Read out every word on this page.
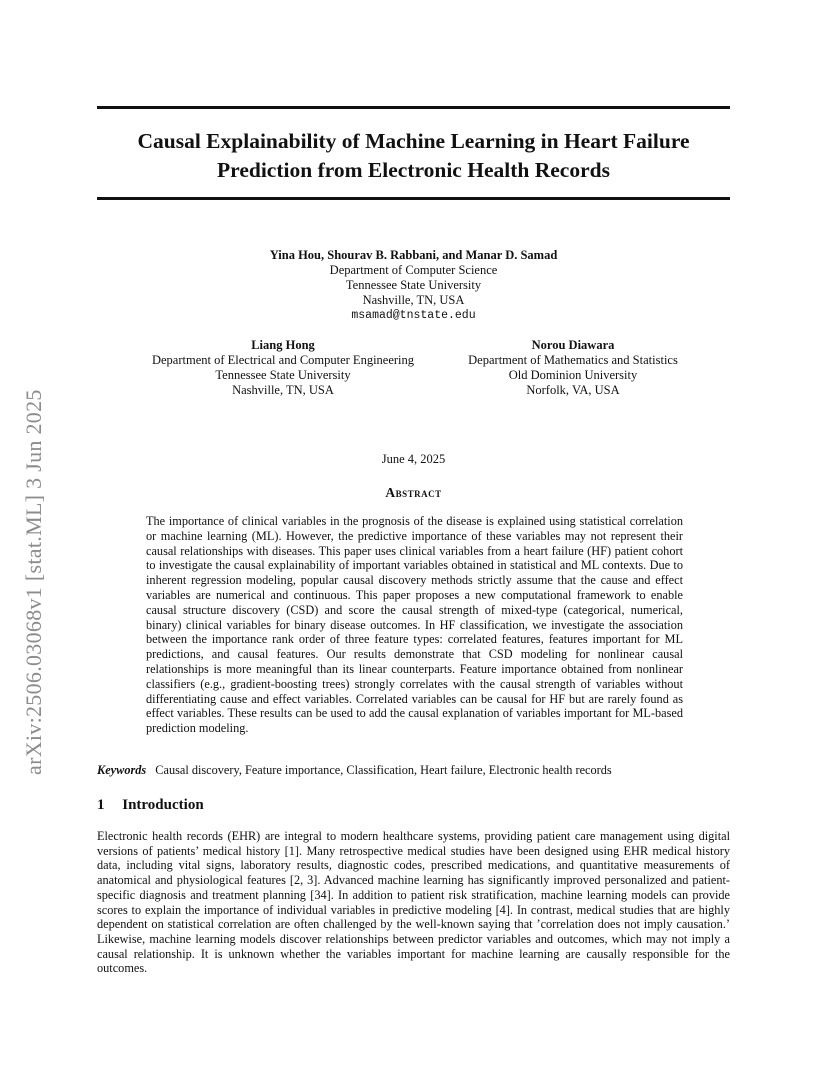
arXiv:2506.03068v1 [stat.ML] 3 Jun 2025
Causal Explainability of Machine Learning in Heart Failure Prediction from Electronic Health Records
Yina Hou, Shourav B. Rabbani, and Manar D. Samad
Department of Computer Science
Tennessee State University
Nashville, TN, USA
msamad@tnstate.edu
Liang Hong
Department of Electrical and Computer Engineering
Tennessee State University
Nashville, TN, USA
Norou Diawara
Department of Mathematics and Statistics
Old Dominion University
Norfolk, VA, USA
June 4, 2025
Abstract
The importance of clinical variables in the prognosis of the disease is explained using statistical correlation or machine learning (ML). However, the predictive importance of these variables may not represent their causal relationships with diseases. This paper uses clinical variables from a heart failure (HF) patient cohort to investigate the causal explainability of important variables obtained in statistical and ML contexts. Due to inherent regression modeling, popular causal discovery methods strictly assume that the cause and effect variables are numerical and continuous. This paper proposes a new computational framework to enable causal structure discovery (CSD) and score the causal strength of mixed-type (categorical, numerical, binary) clinical variables for binary disease outcomes. In HF classification, we investigate the association between the importance rank order of three feature types: correlated features, features important for ML predictions, and causal features. Our results demonstrate that CSD modeling for nonlinear causal relationships is more meaningful than its linear counterparts. Feature importance obtained from nonlinear classifiers (e.g., gradient-boosting trees) strongly correlates with the causal strength of variables without differentiating cause and effect variables. Correlated variables can be causal for HF but are rarely found as effect variables. These results can be used to add the causal explanation of variables important for ML-based prediction modeling.
Keywords Causal discovery, Feature importance, Classification, Heart failure, Electronic health records
1 Introduction
Electronic health records (EHR) are integral to modern healthcare systems, providing patient care management using digital versions of patients’ medical history [1]. Many retrospective medical studies have been designed using EHR medical history data, including vital signs, laboratory results, diagnostic codes, prescribed medications, and quantitative measurements of anatomical and physiological features [2, 3]. Advanced machine learning has significantly improved personalized and patient-specific diagnosis and treatment planning [34]. In addition to patient risk stratification, machine learning models can provide scores to explain the importance of individual variables in predictive modeling [4]. In contrast, medical studies that are highly dependent on statistical correlation are often challenged by the well-known saying that ’correlation does not imply causation.’ Likewise, machine learning models discover relationships between predictor variables and outcomes, which may not imply a causal relationship. It is unknown whether the variables important for machine learning are causally responsible for the outcomes.
